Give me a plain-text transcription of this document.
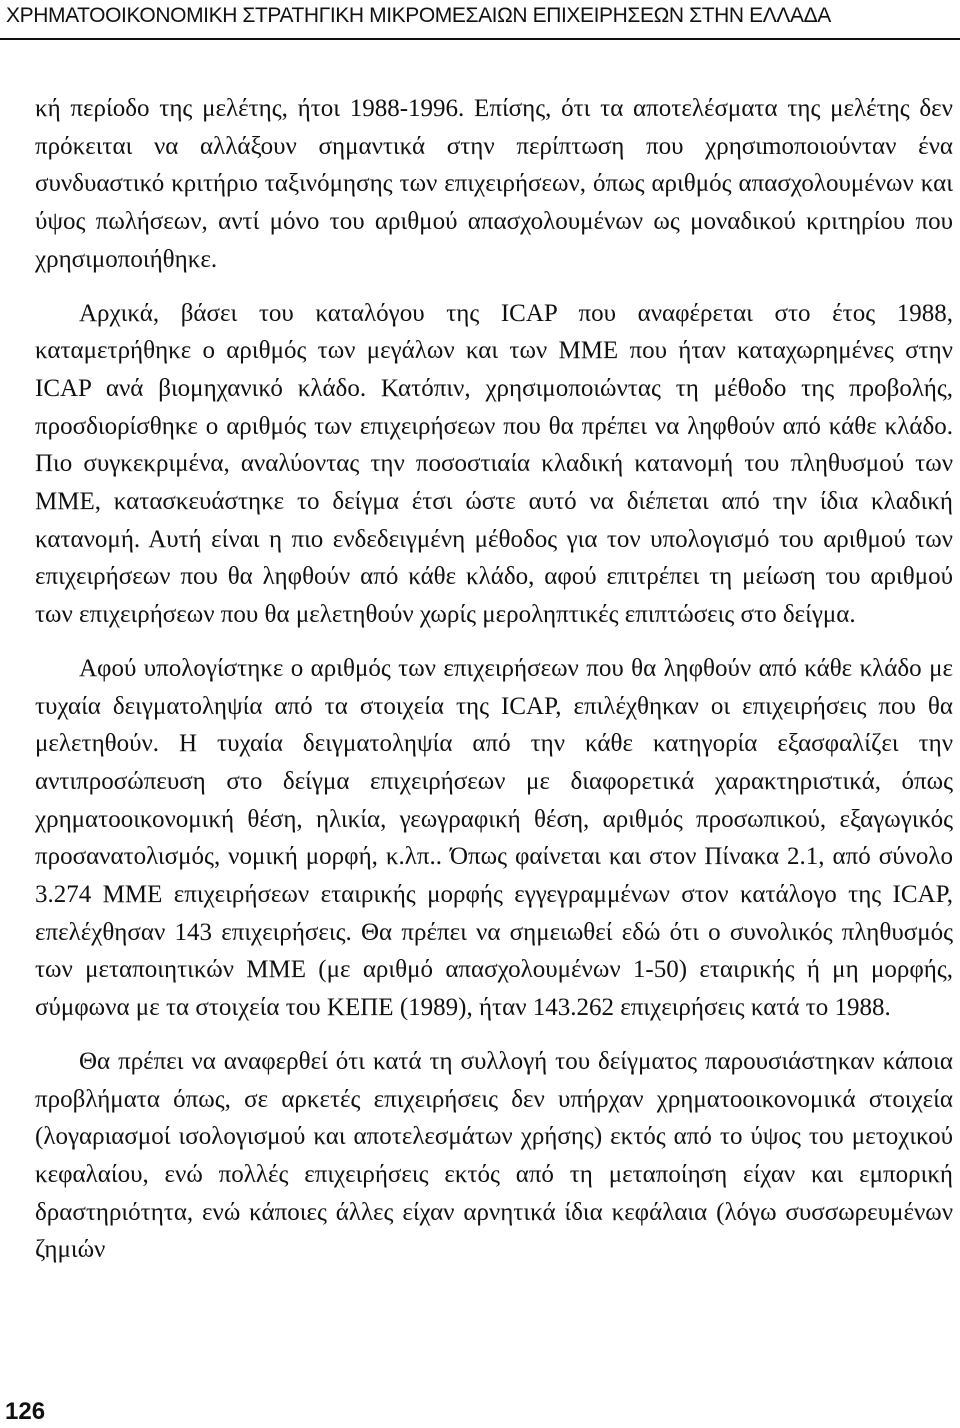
ΧΡΗΜΑΤΟΟΙΚΟΝΟΜΙΚΗ ΣΤΡΑΤΗΓΙΚΗ ΜΙΚΡΟΜΕΣΑΙΩΝ ΕΠΙΧΕΙΡΗΣΕΩΝ ΣΤΗΝ ΕΛΛΑΔΑ

κή περίοδο της μελέτης, ήτοι 1988-1996. Επίσης, ότι τα αποτελέσματα της μελέτης δεν πρόκειται να αλλάξουν σημαντικά στην περίπτωση που χρησιmοποιούνταν ένα συνδυαστικό κριτήριο ταξινόμησης των επιχειρήσεων, όπως αριθμός απασχολουμένων και ύψος πωλήσεων, αντί μόνο του αριθμού απασχολουμένων ως μοναδικού κριτηρίου που χρησιμοποιήθηκε.

Αρχικά, βάσει του καταλόγου της ICAP που αναφέρεται στο έτος 1988, καταμετρήθηκε ο αριθμός των μεγάλων και των ΜΜΕ που ήταν καταχωρημένες στην ICAP ανά βιομηχανικό κλάδο. Κατόπιν, χρησιμοποιώντας τη μέθοδο της προβολής, προσδιορίσθηκε ο αριθμός των επιχειρήσεων που θα πρέπει να ληφθούν από κάθε κλάδο. Πιο συγκεκριμένα, αναλύοντας την ποσοστιαία κλαδική κατανομή του πληθυσμού των ΜΜΕ, κατασκευάστηκε το δείγμα έτσι ώστε αυτό να διέπεται από την ίδια κλαδική κατανομή. Αυτή είναι η πιο ενδεδειγμένη μέθοδος για τον υπολογισμό του αριθμού των επιχειρήσεων που θα ληφθούν από κάθε κλάδο, αφού επιτρέπει τη μείωση του αριθμού των επιχειρήσεων που θα μελετηθούν χωρίς μεροληπτικές επιπτώσεις στο δείγμα.

Αφού υπολογίστηκε ο αριθμός των επιχειρήσεων που θα ληφθούν από κάθε κλάδο με τυχαία δειγματοληψία από τα στοιχεία της ICAP, επιλέχθηκαν οι επιχειρήσεις που θα μελετηθούν. Η τυχαία δειγματοληψία από την κάθε κατηγορία εξασφαλίζει την αντιπροσώπευση στο δείγμα επιχειρήσεων με διαφορετικά χαρακτηριστικά, όπως χρηματοοικονομική θέση, ηλικία, γεωγραφική θέση, αριθμός προσωπικού, εξαγωγικός προσανατολισμός, νομική μορφή, κ.λπ.. Όπως φαίνεται και στον Πίνακα 2.1, από σύνολο 3.274 ΜΜΕ επιχειρήσεων εταιρικής μορφής εγγεγραμμένων στον κατάλογο της ICAP, επελέχθησαν 143 επιχειρήσεις. Θα πρέπει να σημειωθεί εδώ ότι ο συνολικός πληθυσμός των μεταποιητικών ΜΜΕ (με αριθμό απασχολουμένων 1-50) εταιρικής ή μη μορφής, σύμφωνα με τα στοιχεία του ΚΕΠΕ (1989), ήταν 143.262 επιχειρήσεις κατά το 1988.

Θα πρέπει να αναφερθεί ότι κατά τη συλλογή του δείγματος παρουσιάστηκαν κάποια προβλήματα όπως, σε αρκετές επιχειρήσεις δεν υπήρχαν χρηματοοικονομικά στοιχεία (λογαριασμοί ισολογισμού και αποτελεσμάτων χρήσης) εκτός από το ύψος του μετοχικού κεφαλαίου, ενώ πολλές επιχειρήσεις εκτός από τη μεταποίηση είχαν και εμπορική δραστηριότητα, ενώ κάποιες άλλες είχαν αρνητικά ίδια κεφάλαια (λόγω συσσωρευμένων ζημιών

126
